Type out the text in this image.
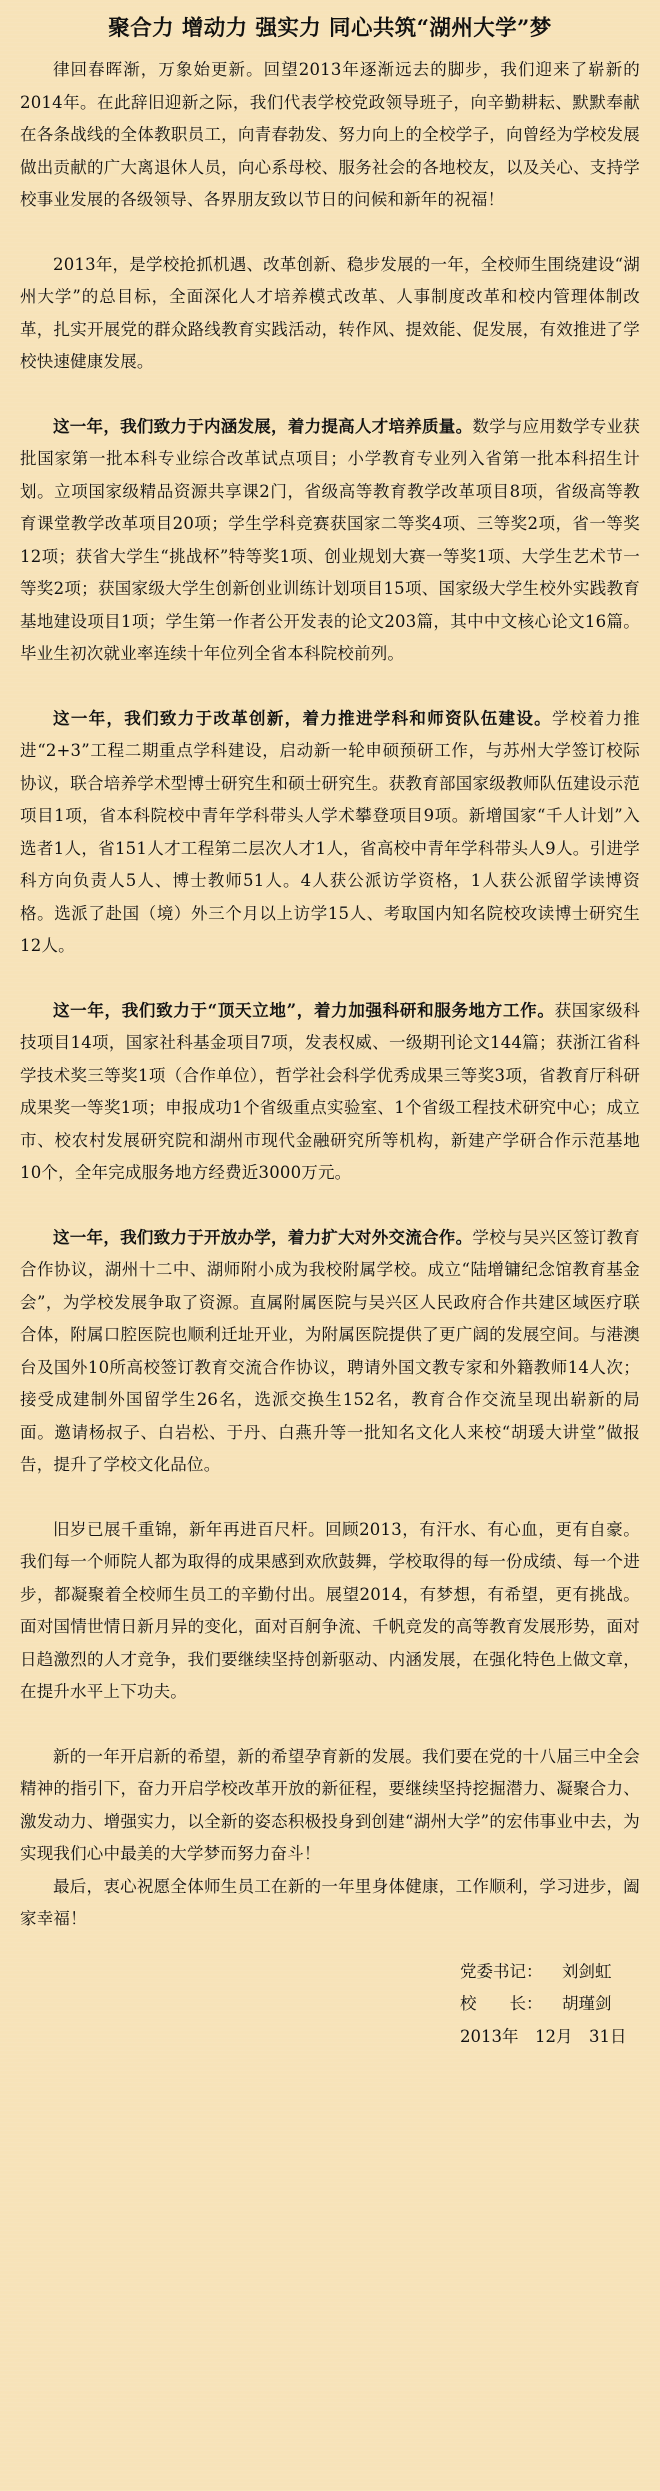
聚合力 增动力 强实力 同心共筑“湖州大学”梦

律回春晖渐，万象始更新。回望2013年逐渐远去的脚步，我们迎来了崭新的2014年。在此辞旧迎新之际，我们代表学校党政领导班子，向辛勤耕耘、默默奉献在各条战线的全体教职员工，向青春勃发、努力向上的全校学子，向曾经为学校发展做出贡献的广大离退休人员，向心系母校、服务社会的各地校友，以及关心、支持学校事业发展的各级领导、各界朋友致以节日的问候和新年的祝福！

2013年，是学校抢抓机遇、改革创新、稳步发展的一年，全校师生围绕建设“湖州大学”的总目标，全面深化人才培养模式改革、人事制度改革和校内管理体制改革，扎实开展党的群众路线教育实践活动，转作风、提效能、促发展，有效推进了学校快速健康发展。

这一年，我们致力于内涵发展，着力提高人才培养质量。数学与应用数学专业获批国家第一批本科专业综合改革试点项目；小学教育专业列入省第一批本科招生计划。立项国家级精品资源共享课2门，省级高等教育教学改革项目8项，省级高等教育课堂教学改革项目20项；学生学科竞赛获国家二等奖4项、三等奖2项，省一等奖12项；获省大学生“挑战杯”特等奖1项、创业规划大赛一等奖1项、大学生艺术节一等奖2项；获国家级大学生创新创业训练计划项目15项、国家级大学生校外实践教育基地建设项目1项；学生第一作者公开发表的论文203篇，其中中文核心论文16篇。毕业生初次就业率连续十年位列全省本科院校前列。

这一年，我们致力于改革创新，着力推进学科和师资队伍建设。学校着力推进“2+3”工程二期重点学科建设，启动新一轮申硕预研工作，与苏州大学签订校际协议，联合培养学术型博士研究生和硕士研究生。获教育部国家级教师队伍建设示范项目1项，省本科院校中青年学科带头人学术攀登项目9项。新增国家“千人计划”入选者1人，省151人才工程第二层次人才1人，省高校中青年学科带头人9人。引进学科方向负责人5人、博士教师51人。4人获公派访学资格，1人获公派留学读博资格。选派了赴国（境）外三个月以上访学15人、考取国内知名院校攻读博士研究生12人。

这一年，我们致力于“顶天立地”，着力加强科研和服务地方工作。获国家级科技项目14项，国家社科基金项目7项，发表权威、一级期刊论文144篇；获浙江省科学技术奖三等奖1项（合作单位），哲学社会科学优秀成果三等奖3项，省教育厅科研成果奖一等奖1项；申报成功1个省级重点实验室、1个省级工程技术研究中心；成立市、校农村发展研究院和湖州市现代金融研究所等机构，新建产学研合作示范基地10个，全年完成服务地方经费近3000万元。

这一年，我们致力于开放办学，着力扩大对外交流合作。学校与吴兴区签订教育合作协议，湖州十二中、湖师附小成为我校附属学校。成立“陆增镛纪念馆教育基金会”，为学校发展争取了资源。直属附属医院与吴兴区人民政府合作共建区域医疗联合体，附属口腔医院也顺利迁址开业，为附属医院提供了更广阔的发展空间。与港澳台及国外10所高校签订教育交流合作协议，聘请外国文教专家和外籍教师14人次；接受成建制外国留学生26名，选派交换生152名，教育合作交流呈现出崭新的局面。邀请杨叔子、白岩松、于丹、白燕升等一批知名文化人来校“胡瑗大讲堂”做报告，提升了学校文化品位。

旧岁已展千重锦，新年再进百尺杆。回顾2013，有汗水、有心血，更有自豪。我们每一个师院人都为取得的成果感到欢欣鼓舞，学校取得的每一份成绩、每一个进步，都凝聚着全校师生员工的辛勤付出。展望2014，有梦想，有希望，更有挑战。面对国情世情日新月异的变化，面对百舸争流、千帆竞发的高等教育发展形势，面对日趋激烈的人才竞争，我们要继续坚持创新驱动、内涵发展，在强化特色上做文章，在提升水平上下功夫。

新的一年开启新的希望，新的希望孕育新的发展。我们要在党的十八届三中全会精神的指引下，奋力开启学校改革开放的新征程，要继续坚持挖掘潜力、凝聚合力、激发动力、增强实力，以全新的姿态积极投身到创建“湖州大学”的宏伟事业中去，为实现我们心中最美的大学梦而努力奋斗！

最后，衷心祝愿全体师生员工在新的一年里身体健康，工作顺利，学习进步，阖家幸福！

党委书记： 刘剑虹
校　　长： 胡瑾剑
2013年　12月　31日
